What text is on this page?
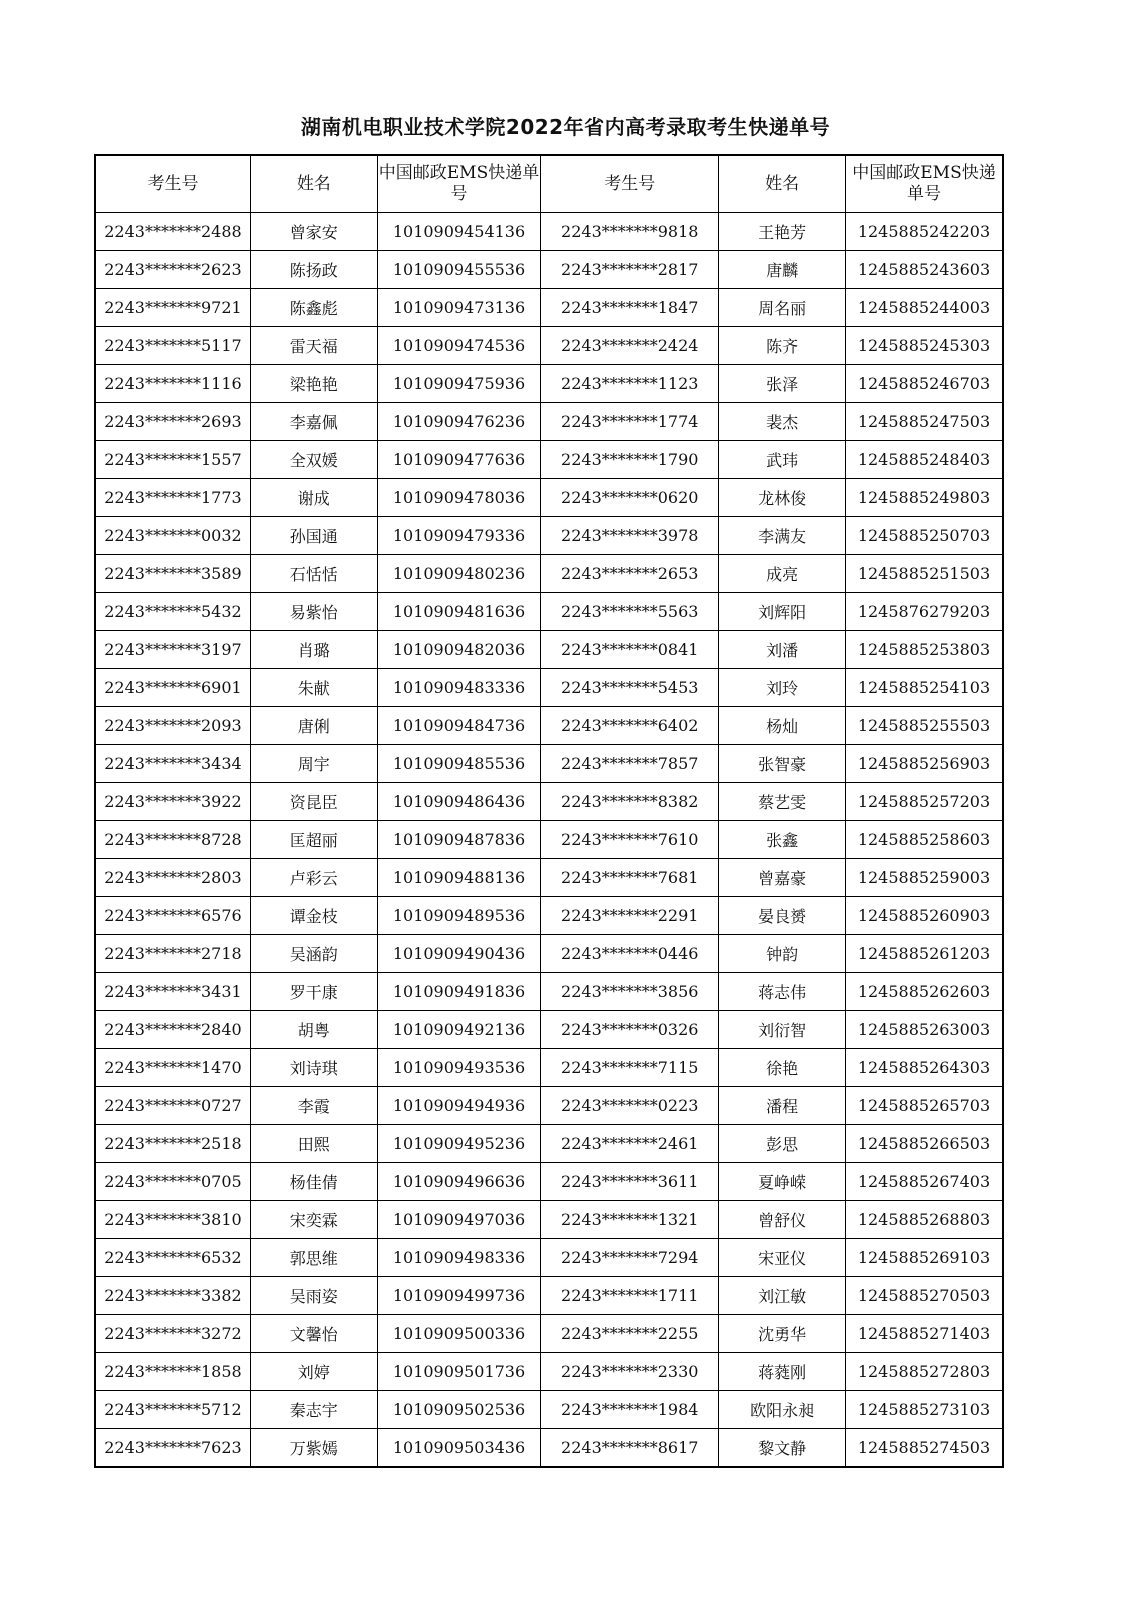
湖南机电职业技术学院2022年省内高考录取考生快递单号
考生号	姓名	中国邮政EMS快递单号	考生号	姓名	中国邮政EMS快递单号
2243*******2488	曾家安	1010909454136	2243*******9818	王艳芳	1245885242203
2243*******2623	陈扬政	1010909455536	2243*******2817	唐麟	1245885243603
2243*******9721	陈鑫彪	1010909473136	2243*******1847	周名丽	1245885244003
2243*******5117	雷天福	1010909474536	2243*******2424	陈齐	1245885245303
2243*******1116	梁艳艳	1010909475936	2243*******1123	张泽	1245885246703
2243*******2693	李嘉佩	1010909476236	2243*******1774	裴杰	1245885247503
2243*******1557	全双媛	1010909477636	2243*******1790	武玮	1245885248403
2243*******1773	谢成	1010909478036	2243*******0620	龙林俊	1245885249803
2243*******0032	孙国通	1010909479336	2243*******3978	李满友	1245885250703
2243*******3589	石恬恬	1010909480236	2243*******2653	成亮	1245885251503
2243*******5432	易紫怡	1010909481636	2243*******5563	刘辉阳	1245876279203
2243*******3197	肖璐	1010909482036	2243*******0841	刘潘	1245885253803
2243*******6901	朱献	1010909483336	2243*******5453	刘玲	1245885254103
2243*******2093	唐俐	1010909484736	2243*******6402	杨灿	1245885255503
2243*******3434	周宇	1010909485536	2243*******7857	张智豪	1245885256903
2243*******3922	资昆臣	1010909486436	2243*******8382	蔡艺雯	1245885257203
2243*******8728	匡超丽	1010909487836	2243*******7610	张鑫	1245885258603
2243*******2803	卢彩云	1010909488136	2243*******7681	曾嘉豪	1245885259003
2243*******6576	谭金枝	1010909489536	2243*******2291	晏良赟	1245885260903
2243*******2718	吴涵韵	1010909490436	2243*******0446	钟韵	1245885261203
2243*******3431	罗干康	1010909491836	2243*******3856	蒋志伟	1245885262603
2243*******2840	胡粤	1010909492136	2243*******0326	刘衍智	1245885263003
2243*******1470	刘诗琪	1010909493536	2243*******7115	徐艳	1245885264303
2243*******0727	李霞	1010909494936	2243*******0223	潘程	1245885265703
2243*******2518	田熙	1010909495236	2243*******2461	彭思	1245885266503
2243*******0705	杨佳倩	1010909496636	2243*******3611	夏峥嵘	1245885267403
2243*******3810	宋奕霖	1010909497036	2243*******1321	曾舒仪	1245885268803
2243*******6532	郭思维	1010909498336	2243*******7294	宋亚仪	1245885269103
2243*******3382	吴雨姿	1010909499736	2243*******1711	刘江敏	1245885270503
2243*******3272	文馨怡	1010909500336	2243*******2255	沈勇华	1245885271403
2243*******1858	刘婷	1010909501736	2243*******2330	蒋蕤刚	1245885272803
2243*******5712	秦志宇	1010909502536	2243*******1984	欧阳永昶	1245885273103
2243*******7623	万紫嫣	1010909503436	2243*******8617	黎文静	1245885274503
